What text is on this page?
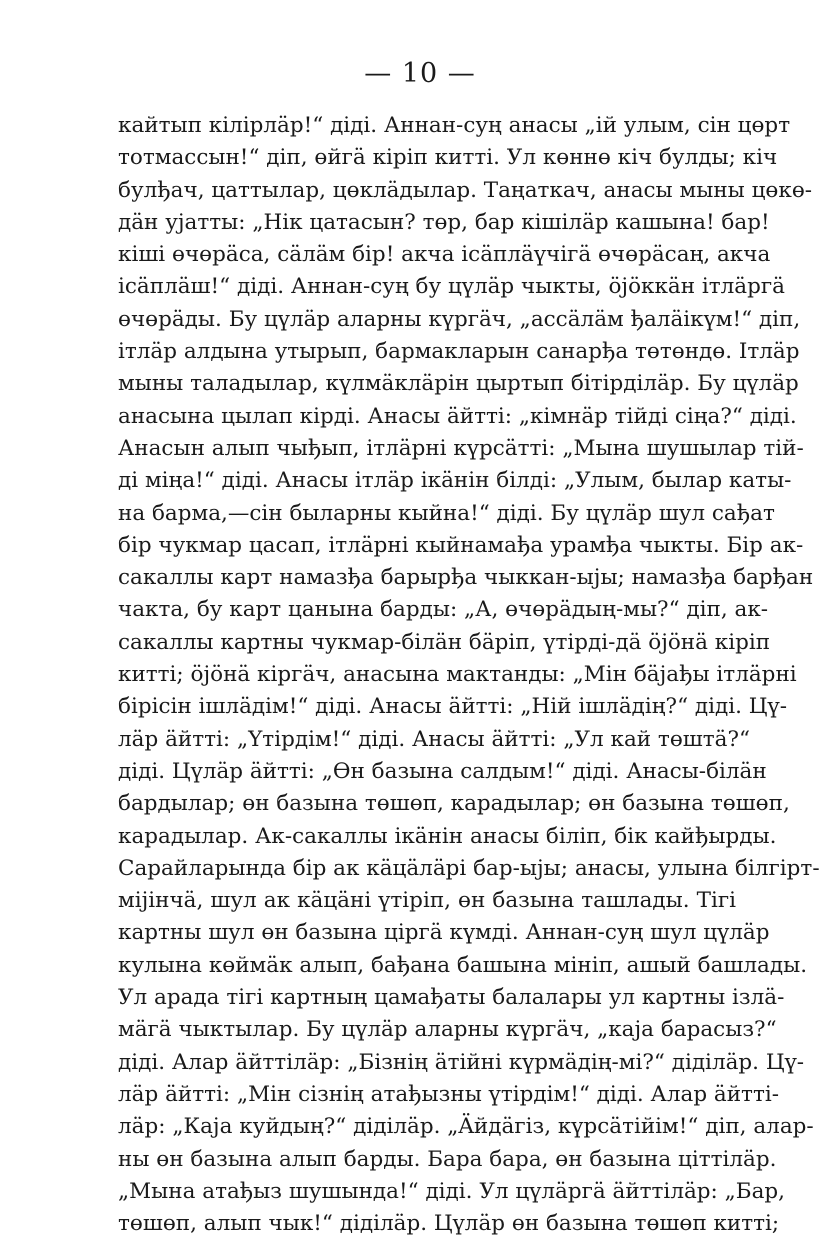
— 10 —
кайтып кiлiрлäр!“ дiдi. Аннан-суң анасы „iй улым, сiн цөрт
тотмассын!“ дiп, өйгä кiрiп киттi. Ул көннө кiч булды; кiч
булђач, цаттылар, цөклäдылар. Таңаткач, анасы мыны цөкө-
дäн уjатты: „Нiк цатасын? төр, бар кiшiлäр кашына! бар!
кiшi өчөрäса, сäлäм бiр! акча iсäплäүчiгä өчөрäсаң, акча
iсäплäш!“ дiдi. Аннан-суң бу цүлäр чыкты, öjöккäн iтлäргä
өчөрäды. Бу цүлäр аларны күргäч, „ассäлäм ђалäiкүм!“ дiп,
iтлäр алдына утырып, бармакларын санарђа төтөндө. Iтлäр
мыны таладылар, күлмäклäрiн цыртып бiтiрдiлäр. Бу цүлäр
анасына цылап кiрдi. Анасы äйттi: „кiмнäр тiйдi сiңа?“ дiдi.
Анасын алып чыђып, iтлäрнi күрсäттi: „Мына шушылар тiй-
дi мiңа!“ дiдi. Анасы iтлäр iкäнiн бiлдi: „Улым, былар каты-
на барма,—сiн быларны кыйна!“ дiдi. Бу цүлäр шул сађат
бiр чукмар цасап, iтлäрнi кыйнамађа урамђа чыкты. Бiр ак-
сакаллы карт намазђа барырђа чыккан-ыjы; намазђа барђан
чакта, бу карт цанына барды: „А, өчөрäдың-мы?“ дiп, ак-
сакаллы картны чукмар-бiлäн бäрiп, үтiрдi-дä öjöнä кiрiп
киттi; öjöнä кiргäч, анасына мактанды: „Мiн бäjађы iтлäрнi
бiрiсiн iшлäдiм!“ дiдi. Анасы äйттi: „Нiй iшлäдiң?“ дiдi. Цү-
лäр äйттi: „Үтiрдiм!“ дiдi. Анасы äйттi: „Ул кай төштä?“
дiдi. Цүлäр äйттi: „Өн базына салдым!“ дiдi. Анасы-бiлäн
бардылар; өн базына төшөп, карадылар; өн базына төшөп,
карадылар. Ак-сакаллы iкäнiн анасы бiлiп, бiк кайђырды.
Сарайларында бiр ак кäцäлäрi бар-ыjы; анасы, улына бiлгiрт-
мijiнчä, шул ак кäцäнi үтiрiп, өн базына ташлады. Тiгi
картны шул өн базына цiргä күмдi. Аннан-суң шул цүлäр
кулына көймäк алып, бађана башына мiнiп, ашый башлады.
Ул арада тiгi картның цамађаты балалары ул картны iзлä-
мäгä чыктылар. Бу цүлäр аларны күргäч, „каjа барасыз?“
дiдi. Алар äйттiлäр: „Бiзнiң äтiйнi күрмäдiң-мi?“ дiдiлäр. Цү-
лäр äйттi: „Мiн сiзнiң атађызны үтiрдiм!“ дiдi. Алар äйттi-
лäр: „Каjа куйдың?“ дiдiлäр. „Äйдäгiз, күрсäтiйiм!“ дiп, алар-
ны өн базына алып барды. Бара бара, өн базына цiттiлäр.
„Мына атађыз шушында!“ дiдi. Ул цүлäргä äйттiлäр: „Бар,
төшөп, алып чык!“ дiдiлäр. Цүлäр өн базына төшөп киттi;
